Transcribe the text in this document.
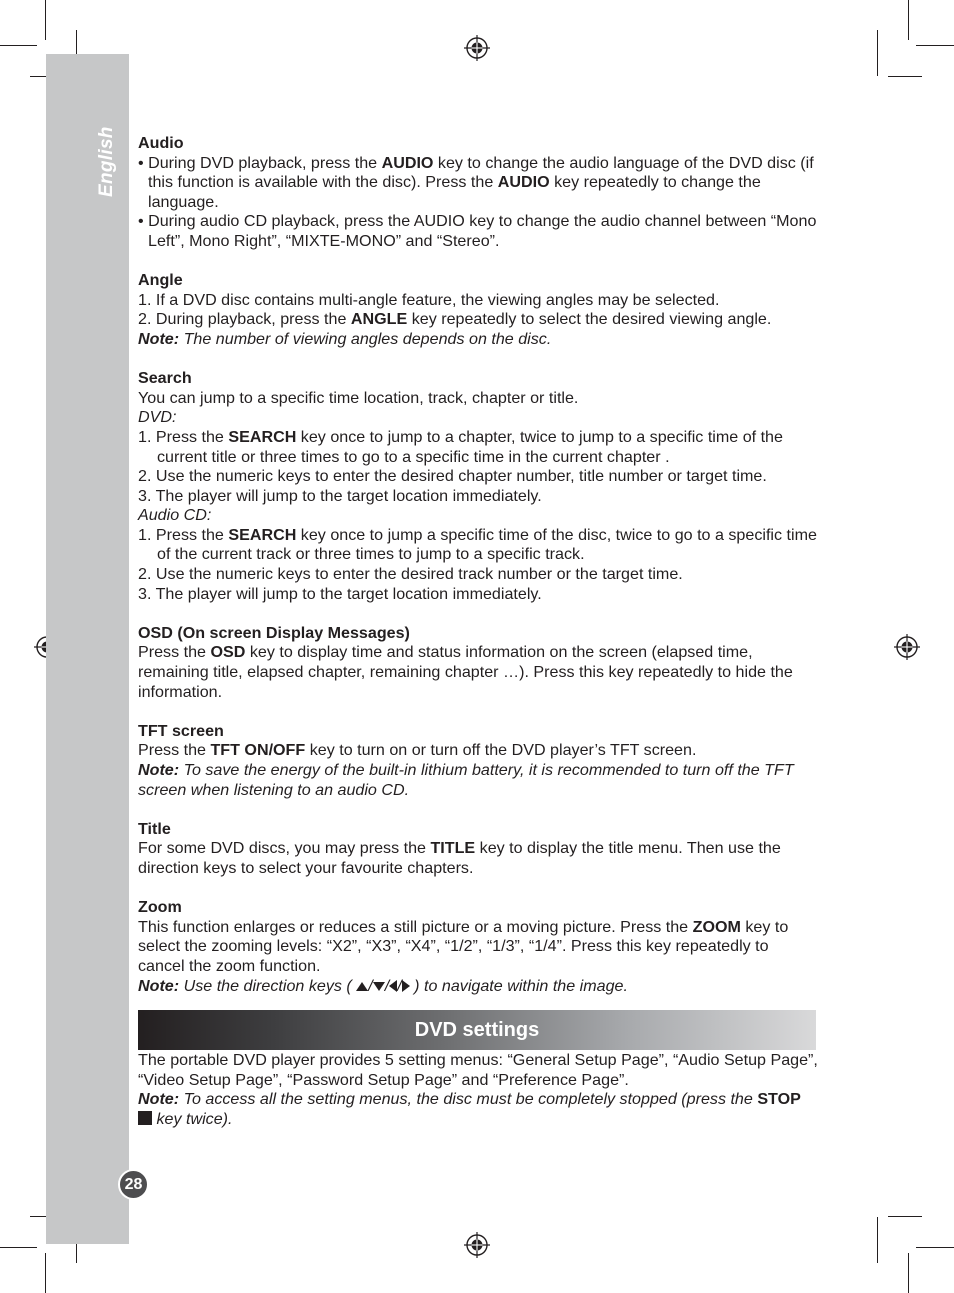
English
28

Audio

• During DVD playback, press the AUDIO key to change the audio language of the DVD disc (if this function is available with the disc). Press the AUDIO key repeatedly to change the language.

• During audio CD playback, press the AUDIO key to change the audio channel between “Mono Left”, Mono Right”, “MIXTE-MONO” and “Stereo”.

Angle

1. If a DVD disc contains multi-angle feature, the viewing angles may be selected.

2. During playback, press the ANGLE key repeatedly to select the desired viewing angle.

Note: The number of viewing angles depends on the disc.

Search

You can jump to a specific time location, track, chapter or title.

DVD:

1. Press the SEARCH key once to jump to a chapter, twice to jump to a specific time of the current title or three times to go to a specific time in the current chapter .

2. Use the numeric keys to enter the desired chapter number, title number or target time.

3. The player will jump to the target location immediately.

Audio CD:

1. Press the SEARCH key once to jump a specific time of the disc, twice to go to a specific time of the current track or three times to jump to a specific track.

2. Use the numeric keys to enter the desired track number or the target time.

3. The player will jump to the target location immediately.

OSD (On screen Display Messages)

Press the OSD key to display time and status information on the screen (elapsed time, remaining title, elapsed chapter, remaining chapter …). Press this key repeatedly to hide the information.

TFT screen

Press the TFT ON/OFF key to turn on or turn off the DVD player’s TFT screen.

Note: To save the energy of the built-in lithium battery, it is recommended to turn off the TFT screen when listening to an audio CD.

Title

For some DVD discs, you may press the TITLE key to display the title menu. Then use the direction keys to select your favourite chapters.

Zoom

This function enlarges or reduces a still picture or a moving picture. Press the ZOOM key to select the zooming levels: “X2”, “X3”, “X4”, “1/2”, “1/3”, “1/4”. Press this key repeatedly to cancel the zoom function.

Note: Use the direction keys ( / / / ) to navigate within the image.

DVD settings

The portable DVD player provides 5 setting menus: “General Setup Page”, “Audio Setup Page”, “Video Setup Page”, “Password Setup Page” and “Preference Page”.

Note: To access all the setting menus, the disc must be completely stopped (press the STOP  key twice).
